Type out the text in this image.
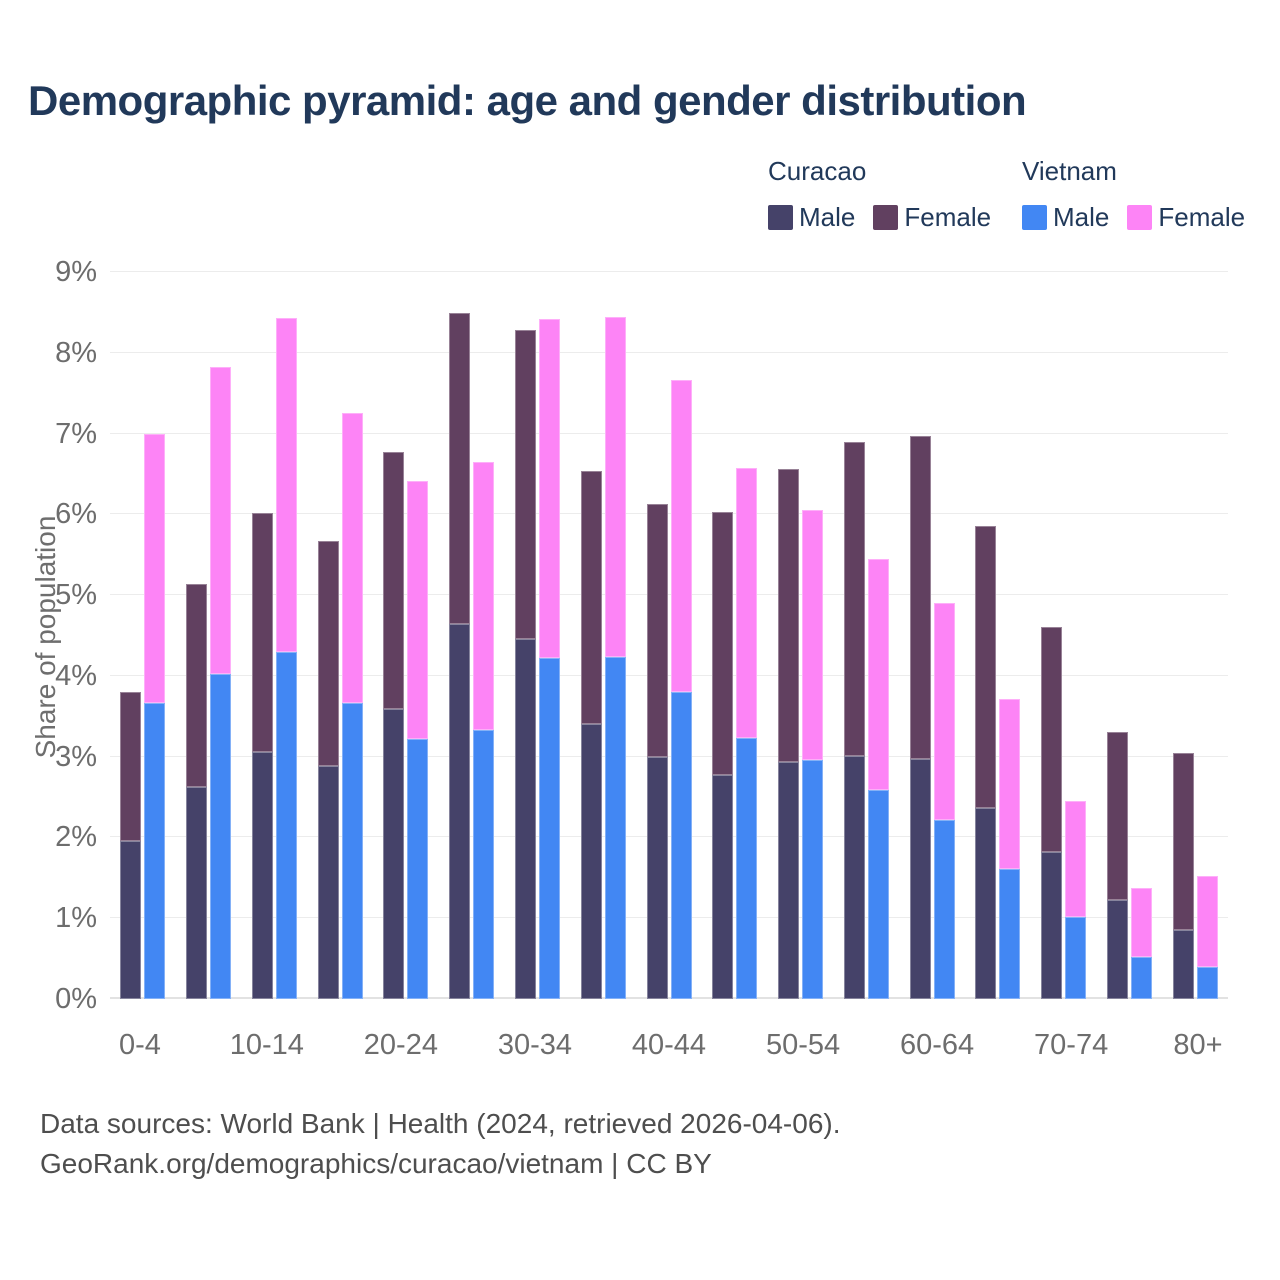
Demographic pyramid: age and gender distribution
Curacao
Male Female
Vietnam
Male Female
Share of population
0%
1%
2%
3%
4%
5%
6%
7%
8%
9%
0-4	10-14 20-24 30-34 40-44 50-54 60-64 70-74 80+
Data sources: World Bank | Health (2024, retrieved 2026-04-06).
GeoRank.org/demographics/curacao/vietnam | CC BY
